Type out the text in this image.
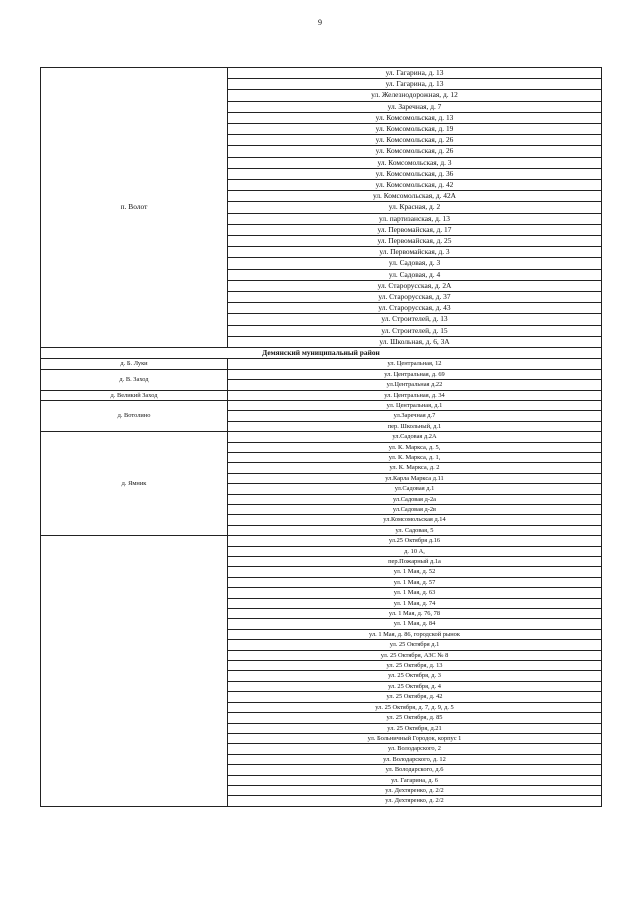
9
п. Волот	ул. Гагарина, д. 13
	ул. Гагарина, д. 13
	ул. Железнодорожная, д. 12
	ул. Заречная, д. 7
	ул. Комсомольская, д. 13
	ул. Комсомольская, д. 19
	ул. Комсомольская, д. 26
	ул. Комсомольская, д. 26
	ул. Комсомольская, д. 3
	ул. Комсомольская, д. 36
	ул. Комсомольская, д. 42
	ул. Комсомольская, д. 42А
	ул. Красная, д. 2
	ул. партизанская, д. 13
	ул. Первомайская, д. 17
	ул. Первомайская, д. 25
	ул. Первомайская, д. 3
	ул. Садовая, д. 3
	ул. Садовая, д. 4
	ул. Старорусская, д. 2А
	ул. Старорусская, д. 37
	ул. Старорусская, д. 43
	ул. Строителей, д. 13
	ул. Строителей, д. 15
	ул. Школьная, д. 6, 3А
Демянский муниципальный район	
д. Б. Луки	ул. Центральная, 12
д. В. Заход	ул. Центральная, д. 69
	ул.Центральная д.22
д. Великий Заход	ул. Центральная, д. 34
д. Вотолино	ул. Центральная, д.1
	ул.Заречная д.7
	пер. Школьный, д.1
д. Ямник	ул.Садовая д.2А
	ул. К. Маркса, д. 5,
	ул. К. Маркса, д. 1,
	ул. К. Маркса, д. 2
	ул.Карла Маркса д.11
	ул.Садовая д.1
	ул.Садовая д-2а
	ул.Садовая д-2в
	ул.Комсомольская д.14
	ул. Садовая, 5
	ул.25 Октября д.16
	д. 10 А,
	пер.Пожарный д.1а
	ул. 1 Мая, д. 52
	ул. 1 Мая, д. 57
	ул. 1 Мая, д. 63
	ул. 1 Мая, д. 74
	ул. 1 Мая, д. 76, 78
	ул. 1 Мая, д. 84
	ул. 1 Мая, д. 86, городской рынок
	ул. 25 Октября д.1
	ул. 25 Октября, АЗС № 8
	ул. 25 Октября, д. 13
	ул. 25 Октября, д. 3
	ул. 25 Октября, д. 4
	ул. 25 Октября, д. 42
	ул. 25 Октября, д. 7, д. 9, д. 5
	ул. 25 Октября, д. 85
	ул. 25 Октября, д.21
	ул. Больничный Городок, корпус 1
	ул. Володарского, 2
	ул. Володарского, д. 12
	ул. Володарского, д.6
	ул. Гагарина, д. 6
	ул. Дехтяренко, д. 2/2
	ул. Дехтяренко, д. 2/2
